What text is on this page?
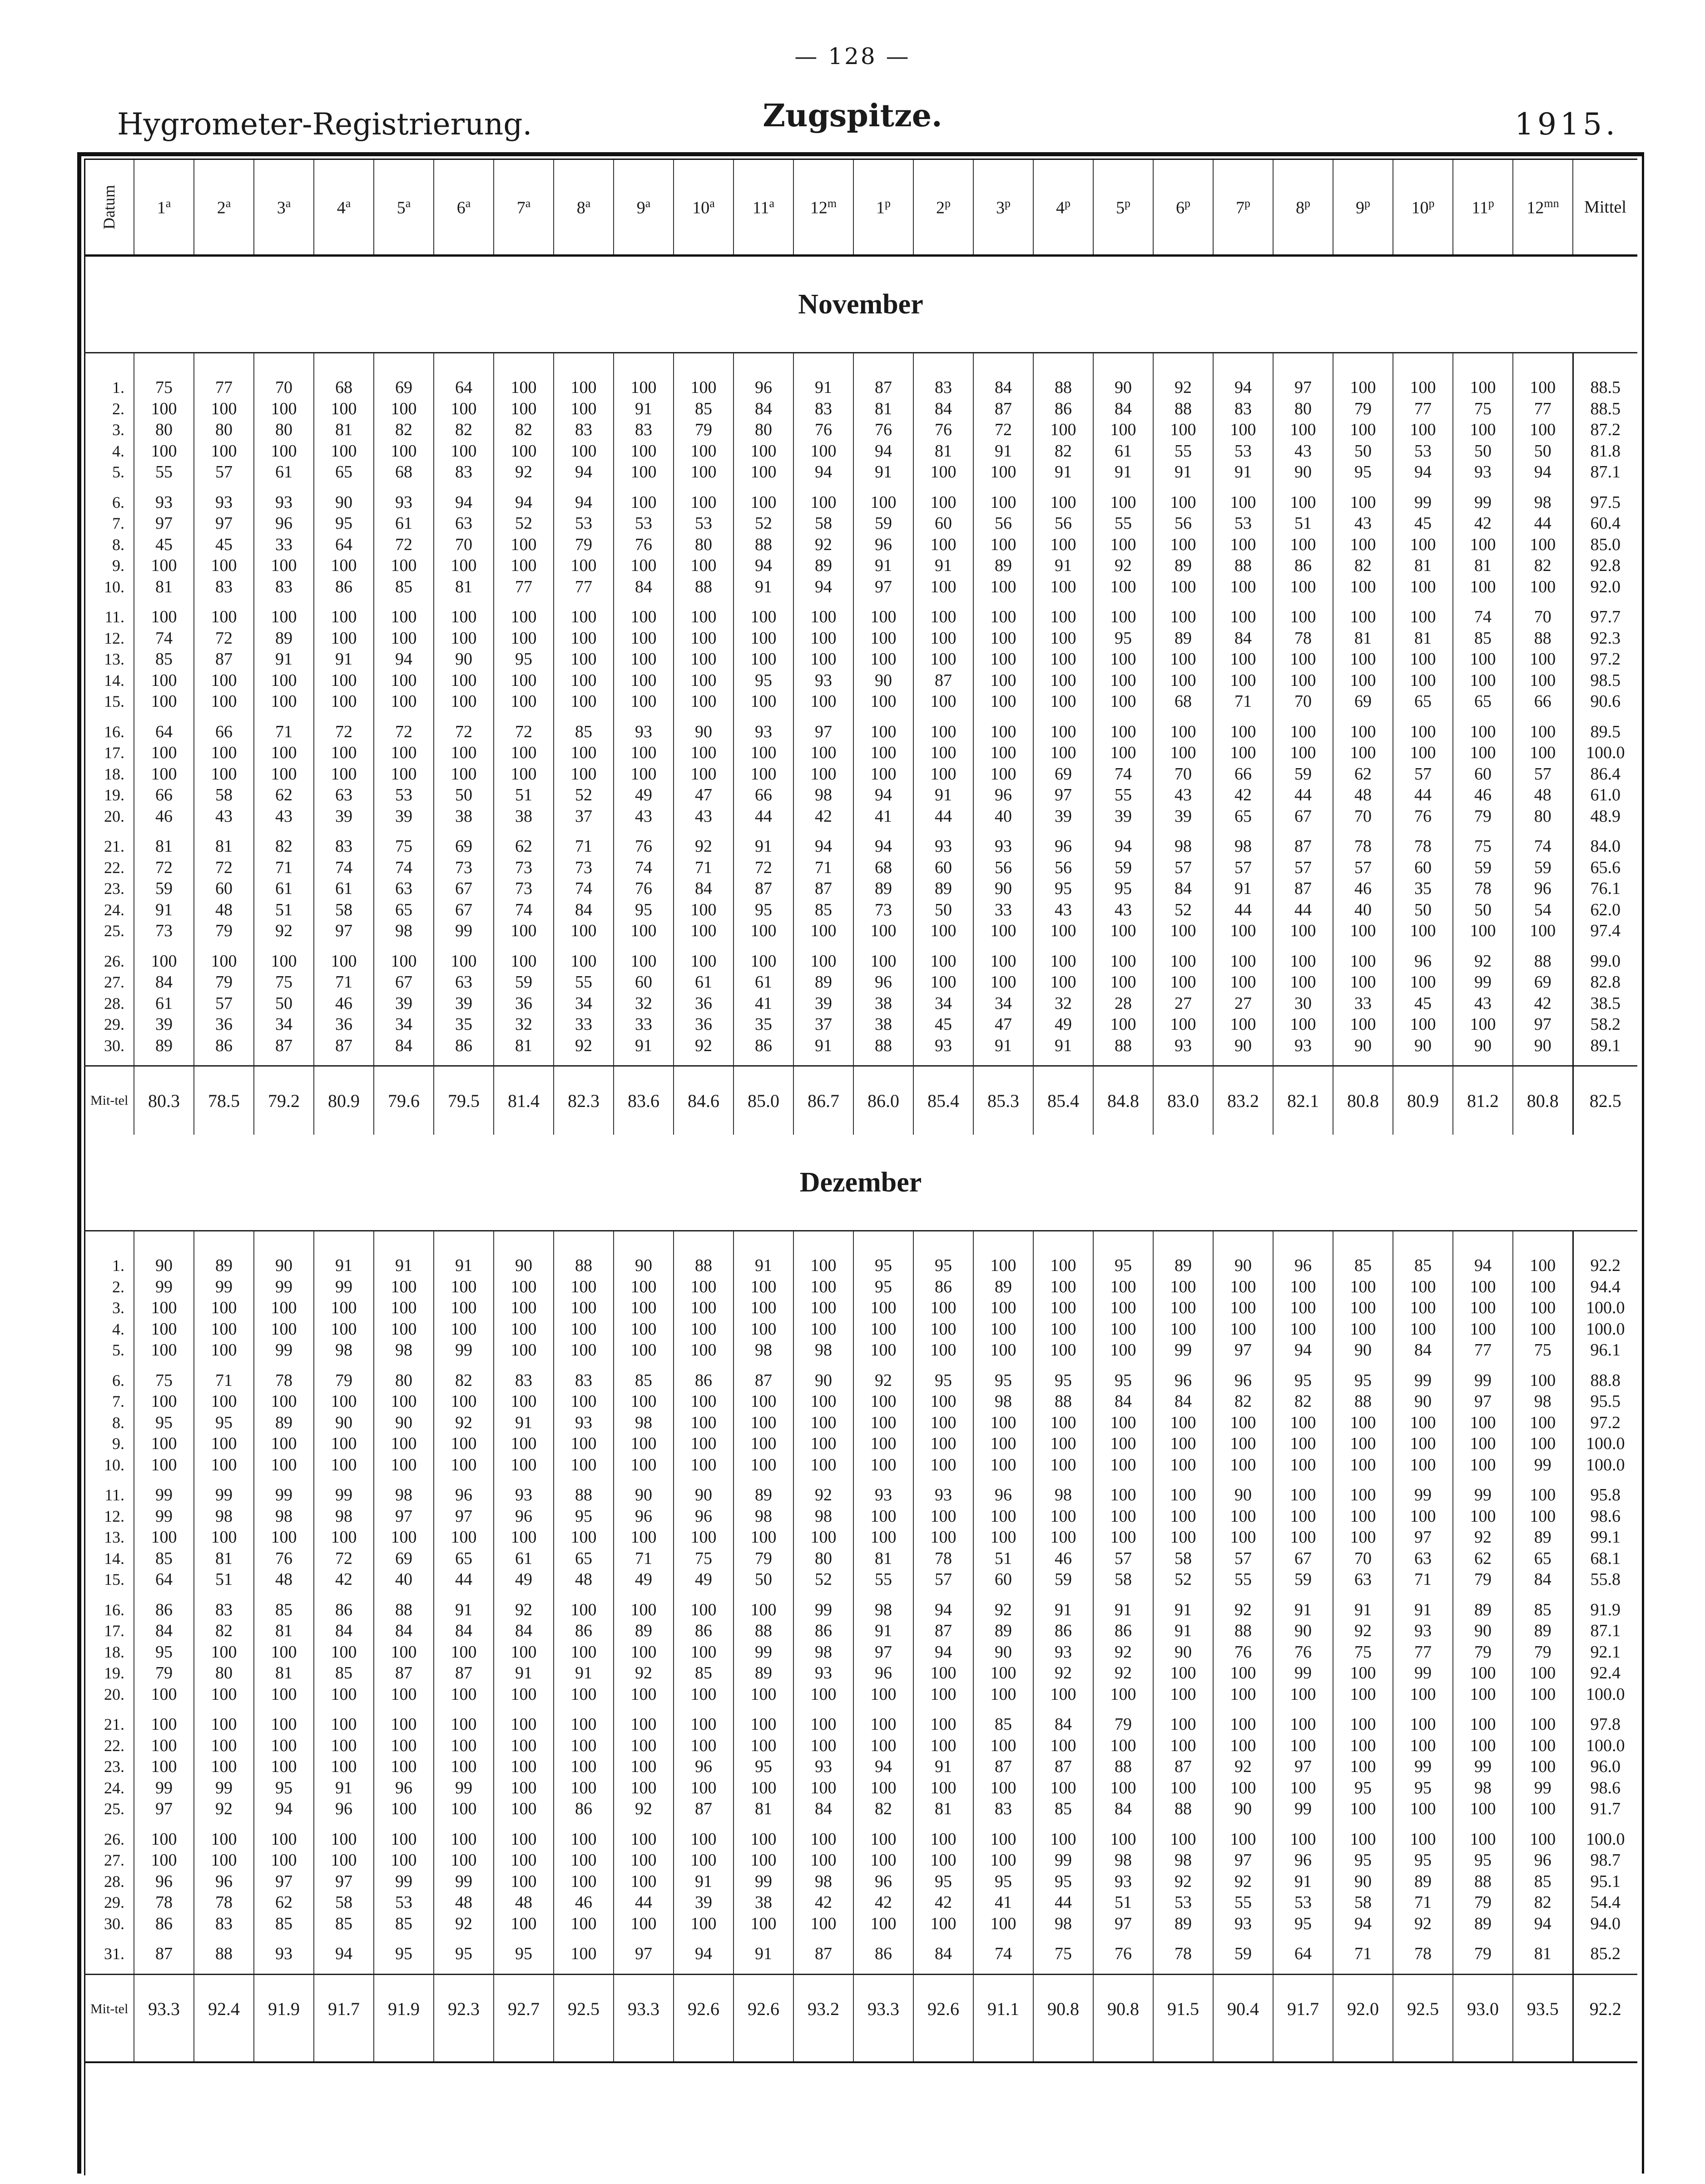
— 128 —
Hygrometer-Registrierung.	Zugspitze.	1915.
Datum	1$^a$	2$^a$	3$^a$	4$^a$	5$^a$	6$^a$	7$^a$	8$^a$	9$^a$	10$^a$	11$^a$	12$^m$	1$^p$	2$^p$	3$^p$	4$^p$	5$^p$	6$^p$	7$^p$	8$^p$	9$^p$	10$^p$	11$^p$	$12^{mn}$	Mittel
November																									

1.	75	77	70	68	69	64	100	100	100	100	96	91	87	83	84	88	90	92	94	97	100	100	100	100	88.5
2.	100	100	100	100	100	100	100	100	91	85	84	83	81	84	87	86	84	88	83	80	79	77	75	77	88.5
3.	80	80	80	81	82	82	82	83	83	79	80	76	76	76	72	100	100	100	100	100	100	100	100	100	87.2
4.	100	100	100	100	100	100	100	100	100	100	100	100	94	81	91	82	61	55	53	43	50	53	50	50	81.8
5.	55	57	61	65	68	83	92	94	100	100	100	94	91	100	100	91	91	91	91	90	95	94	93	94	87.1

6.	93	93	93	90	93	94	94	94	100	100	100	100	100	100	100	100	100	100	100	100	100	99	99	98	97.5
7.	97	97	96	95	61	63	52	53	53	53	52	58	59	60	56	56	55	56	53	51	43	45	42	44	60.4
8.	45	45	33	64	72	70	100	79	76	80	88	92	96	100	100	100	100	100	100	100	100	100	100	100	85.0
9.	100	100	100	100	100	100	100	100	100	100	94	89	91	91	89	91	92	89	88	86	82	81	81	82	92.8
10.	81	83	83	86	85	81	77	77	84	88	91	94	97	100	100	100	100	100	100	100	100	100	100	100	92.0

11.	100	100	100	100	100	100	100	100	100	100	100	100	100	100	100	100	100	100	100	100	100	100	74	70	97.7
12.	74	72	89	100	100	100	100	100	100	100	100	100	100	100	100	100	95	89	84	78	81	81	85	88	92.3
13.	85	87	91	91	94	90	95	100	100	100	100	100	100	100	100	100	100	100	100	100	100	100	100	100	97.2
14.	100	100	100	100	100	100	100	100	100	100	95	93	90	87	100	100	100	100	100	100	100	100	100	100	98.5
15.	100	100	100	100	100	100	100	100	100	100	100	100	100	100	100	100	100	68	71	70	69	65	65	66	90.6

16.	64	66	71	72	72	72	72	85	93	90	93	97	100	100	100	100	100	100	100	100	100	100	100	100	89.5
17.	100	100	100	100	100	100	100	100	100	100	100	100	100	100	100	100	100	100	100	100	100	100	100	100	100.0
18.	100	100	100	100	100	100	100	100	100	100	100	100	100	100	100	69	74	70	66	59	62	57	60	57	86.4
19.	66	58	62	63	53	50	51	52	49	47	66	98	94	91	96	97	55	43	42	44	48	44	46	48	61.0
20.	46	43	43	39	39	38	38	37	43	43	44	42	41	44	40	39	39	39	65	67	70	76	79	80	48.9

21.	81	81	82	83	75	69	62	71	76	92	91	94	94	93	93	96	94	98	98	87	78	78	75	74	84.0
22.	72	72	71	74	74	73	73	73	74	71	72	71	68	60	56	56	59	57	57	57	57	60	59	59	65.6
23.	59	60	61	61	63	67	73	74	76	84	87	87	89	89	90	95	95	84	91	87	46	35	78	96	76.1
24.	91	48	51	58	65	67	74	84	95	100	95	85	73	50	33	43	43	52	44	44	40	50	50	54	62.0
25.	73	79	92	97	98	99	100	100	100	100	100	100	100	100	100	100	100	100	100	100	100	100	100	100	97.4

26.	100	100	100	100	100	100	100	100	100	100	100	100	100	100	100	100	100	100	100	100	100	96	92	88	99.0
27.	84	79	75	71	67	63	59	55	60	61	61	89	96	100	100	100	100	100	100	100	100	100	99	69	82.8
28.	61	57	50	46	39	39	36	34	32	36	41	39	38	34	34	32	28	27	27	30	33	45	43	42	38.5
29.	39	36	34	36	34	35	32	33	33	36	35	37	38	45	47	49	100	100	100	100	100	100	100	97	58.2
30.	89	86	87	87	84	86	81	92	91	92	86	91	88	93	91	91	88	93	90	93	90	90	90	90	89.1

Mit-tel	80.3	78.5	79.2	80.9	79.6	79.5	81.4	82.3	83.6	84.6	85.0	86.7	86.0	85.4	85.3	85.4	84.8	83.0	83.2	82.1	80.8	80.9	81.2	80.8	82.5
Dezember																									

1.	90	89	90	91	91	91	90	88	90	88	91	100	95	95	100	100	95	89	90	96	85	85	94	100	92.2
2.	99	99	99	99	100	100	100	100	100	100	100	100	95	86	89	100	100	100	100	100	100	100	100	100	94.4
3.	100	100	100	100	100	100	100	100	100	100	100	100	100	100	100	100	100	100	100	100	100	100	100	100	100.0
4.	100	100	100	100	100	100	100	100	100	100	100	100	100	100	100	100	100	100	100	100	100	100	100	100	100.0
5.	100	100	99	98	98	99	100	100	100	100	98	98	100	100	100	100	100	99	97	94	90	84	77	75	96.1

6.	75	71	78	79	80	82	83	83	85	86	87	90	92	95	95	95	95	96	96	95	95	99	99	100	88.8
7.	100	100	100	100	100	100	100	100	100	100	100	100	100	100	98	88	84	84	82	82	88	90	97	98	95.5
8.	95	95	89	90	90	92	91	93	98	100	100	100	100	100	100	100	100	100	100	100	100	100	100	100	97.2
9.	100	100	100	100	100	100	100	100	100	100	100	100	100	100	100	100	100	100	100	100	100	100	100	100	100.0
10.	100	100	100	100	100	100	100	100	100	100	100	100	100	100	100	100	100	100	100	100	100	100	100	99	100.0

11.	99	99	99	99	98	96	93	88	90	90	89	92	93	93	96	98	100	100	90	100	100	99	99	100	95.8
12.	99	98	98	98	97	97	96	95	96	96	98	98	100	100	100	100	100	100	100	100	100	100	100	100	98.6
13.	100	100	100	100	100	100	100	100	100	100	100	100	100	100	100	100	100	100	100	100	100	97	92	89	99.1
14.	85	81	76	72	69	65	61	65	71	75	79	80	81	78	51	46	57	58	57	67	70	63	62	65	68.1
15.	64	51	48	42	40	44	49	48	49	49	50	52	55	57	60	59	58	52	55	59	63	71	79	84	55.8

16.	86	83	85	86	88	91	92	100	100	100	100	99	98	94	92	91	91	91	92	91	91	91	89	85	91.9
17.	84	82	81	84	84	84	84	86	89	86	88	86	91	87	89	86	86	91	88	90	92	93	90	89	87.1
18.	95	100	100	100	100	100	100	100	100	100	99	98	97	94	90	93	92	90	76	76	75	77	79	79	92.1
19.	79	80	81	85	87	87	91	91	92	85	89	93	96	100	100	92	92	100	100	99	100	99	100	100	92.4
20.	100	100	100	100	100	100	100	100	100	100	100	100	100	100	100	100	100	100	100	100	100	100	100	100	100.0

21.	100	100	100	100	100	100	100	100	100	100	100	100	100	100	85	84	79	100	100	100	100	100	100	100	97.8
22.	100	100	100	100	100	100	100	100	100	100	100	100	100	100	100	100	100	100	100	100	100	100	100	100	100.0
23.	100	100	100	100	100	100	100	100	100	96	95	93	94	91	87	87	88	87	92	97	100	99	99	100	96.0
24.	99	99	95	91	96	99	100	100	100	100	100	100	100	100	100	100	100	100	100	100	95	95	98	99	98.6
25.	97	92	94	96	100	100	100	86	92	87	81	84	82	81	83	85	84	88	90	99	100	100	100	100	91.7

26.	100	100	100	100	100	100	100	100	100	100	100	100	100	100	100	100	100	100	100	100	100	100	100	100	100.0
27.	100	100	100	100	100	100	100	100	100	100	100	100	100	100	100	99	98	98	97	96	95	95	95	96	98.7
28.	96	96	97	97	99	99	100	100	100	91	99	98	96	95	95	95	93	92	92	91	90	89	88	85	95.1
29.	78	78	62	58	53	48	48	46	44	39	38	42	42	42	41	44	51	53	55	53	58	71	79	82	54.4
30.	86	83	85	85	85	92	100	100	100	100	100	100	100	100	100	98	97	89	93	95	94	92	89	94	94.0

31.	87	88	93	94	95	95	95	100	97	94	91	87	86	84	74	75	76	78	59	64	71	78	79	81	85.2

Mit-tel	93.3	92.4	91.9	91.7	91.9	92.3	92.7	92.5	93.3	92.6	92.6	93.2	93.3	92.6	91.1	90.8	90.8	91.5	90.4	91.7	92.0	92.5	93.0	93.5	92.2
